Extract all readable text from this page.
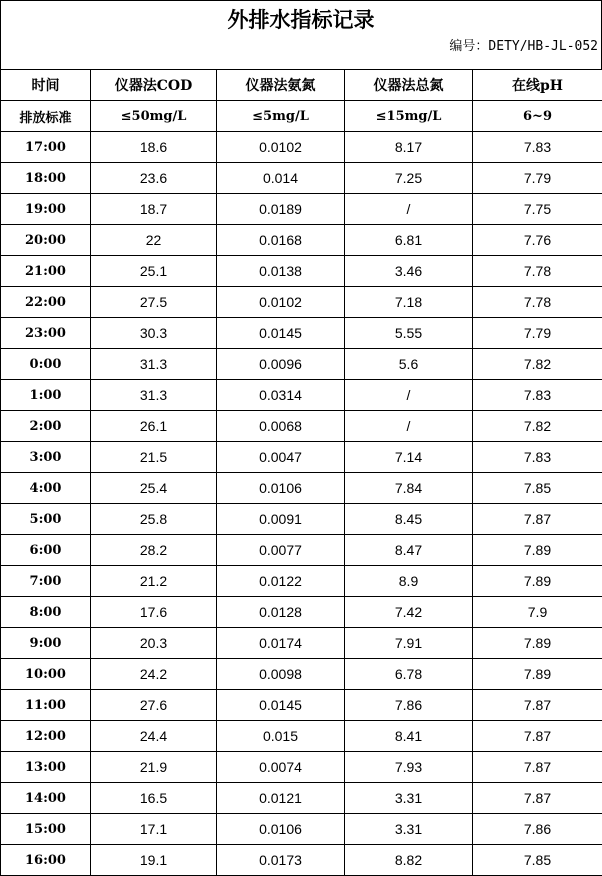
外排水指标记录
编号：DETY/HB-JL-052
时间	仪器法COD	仪器法氨氮	仪器法总氮	在线pH
排放标准	≤50mg/L	≤5mg/L	≤15mg/L	6~9
17:00	18.6	0.0102	8.17	7.83
18:00	23.6	0.014	7.25	7.79
19:00	18.7	0.0189	/	7.75
20:00	22	0.0168	6.81	7.76
21:00	25.1	0.0138	3.46	7.78
22:00	27.5	0.0102	7.18	7.78
23:00	30.3	0.0145	5.55	7.79
0:00	31.3	0.0096	5.6	7.82
1:00	31.3	0.0314	/	7.83
2:00	26.1	0.0068	/	7.82
3:00	21.5	0.0047	7.14	7.83
4:00	25.4	0.0106	7.84	7.85
5:00	25.8	0.0091	8.45	7.87
6:00	28.2	0.0077	8.47	7.89
7:00	21.2	0.0122	8.9	7.89
8:00	17.6	0.0128	7.42	7.9
9:00	20.3	0.0174	7.91	7.89
10:00	24.2	0.0098	6.78	7.89
11:00	27.6	0.0145	7.86	7.87
12:00	24.4	0.015	8.41	7.87
13:00	21.9	0.0074	7.93	7.87
14:00	16.5	0.0121	3.31	7.87
15:00	17.1	0.0106	3.31	7.86
16:00	19.1	0.0173	8.82	7.85
